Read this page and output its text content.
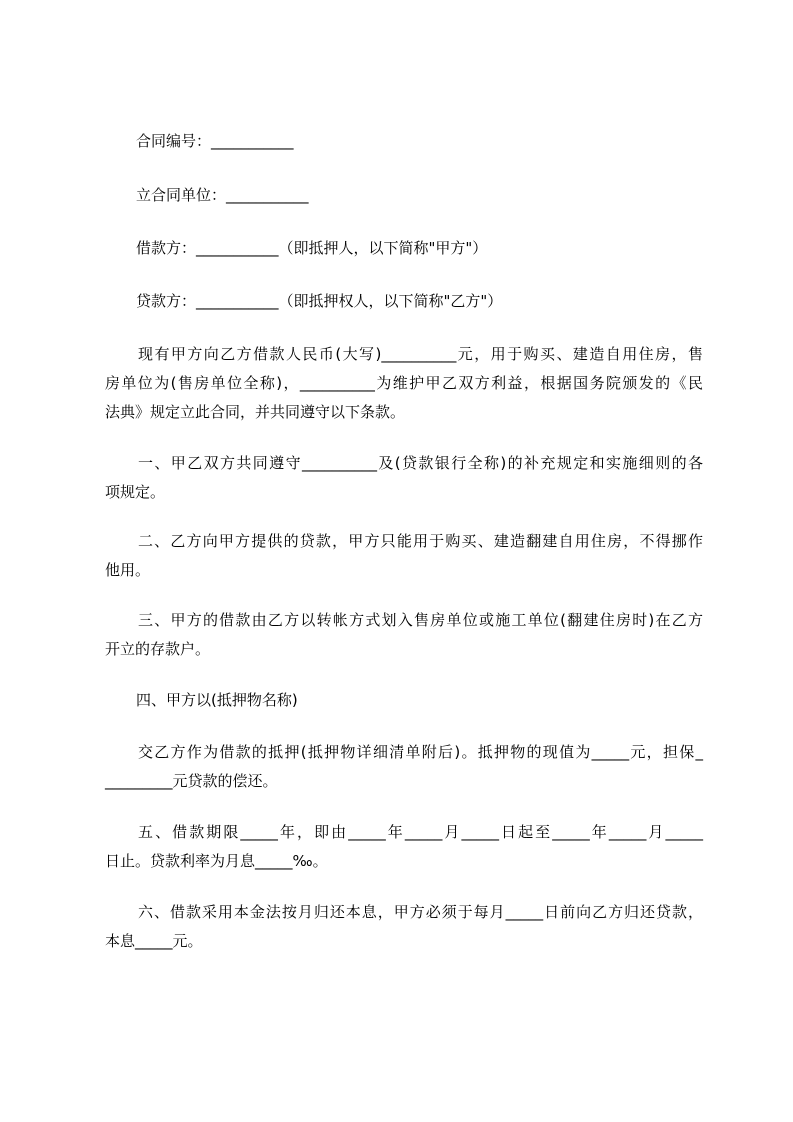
合同编号：___________

立合同单位：___________

借款方：___________（即抵押人，以下简称"甲方"）

贷款方：___________（即抵押权人，以下简称"乙方"）

现有甲方向乙方借款人民币(大写)__________元，用于购买、建造自用住房，售
房单位为(售房单位全称)，__________为维护甲乙双方利益，根据国务院颁发的《民
法典》规定立此合同，并共同遵守以下条款。
一、甲乙双方共同遵守__________及(贷款银行全称)的补充规定和实施细则的各
项规定。
二、乙方向甲方提供的贷款，甲方只能用于购买、建造翻建自用住房，不得挪作
他用。
三、甲方的借款由乙方以转帐方式划入售房单位或施工单位(翻建住房时)在乙方
开立的存款户。

四、甲方以(抵押物名称)

交乙方作为借款的抵押(抵押物详细清单附后)。抵押物的现值为_____元，担保_
_________元贷款的偿还。
五、借款期限_____年，即由_____年_____月_____日起至_____年_____月_____
日止。贷款利率为月息_____‰。
六、借款采用本金法按月归还本息，甲方必须于每月_____日前向乙方归还贷款，
本息_____元。
